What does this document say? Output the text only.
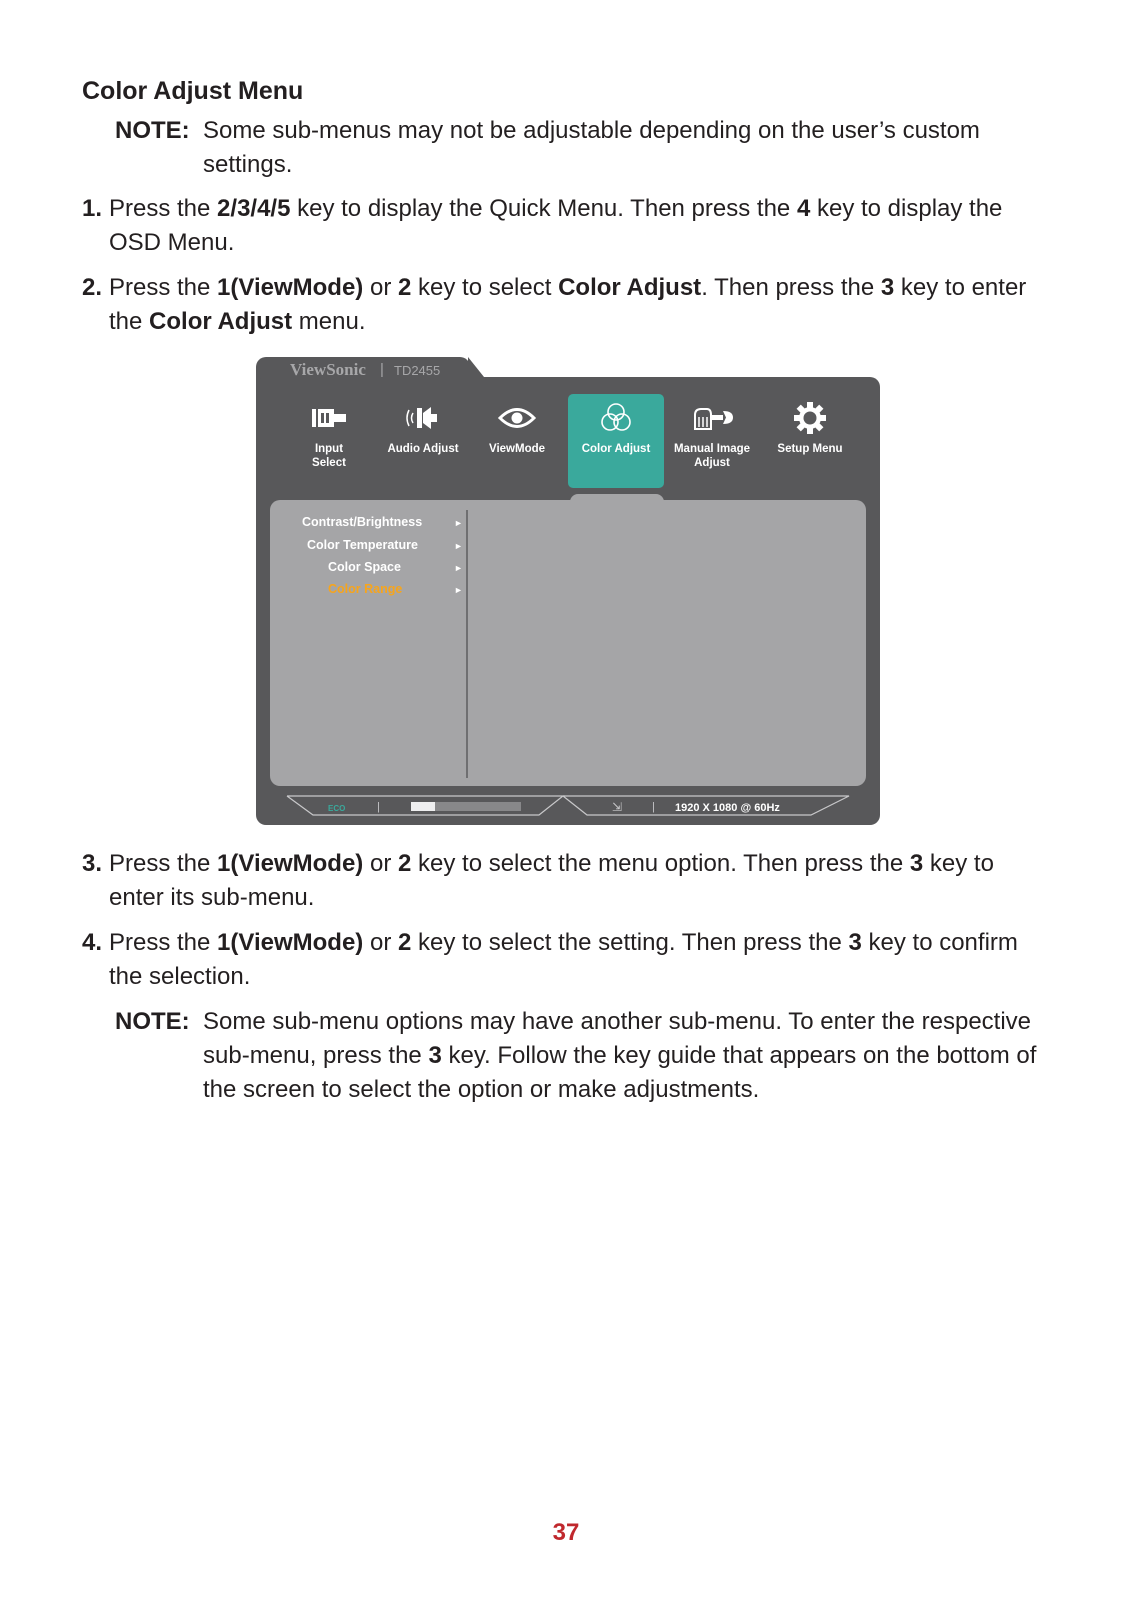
Color Adjust Menu
NOTE: Some sub-menus may not be adjustable depending on the user’s custom settings.
1. Press the 2/3/4/5 key to display the Quick Menu. Then press the 4 key to display the OSD Menu.
2. Press the 1(ViewMode) or 2 key to select Color Adjust. Then press the 3 key to enter the Color Adjust menu.
3. Press the 1(ViewMode) or 2 key to select the menu option. Then press the 3 key to enter its sub-menu.
4. Press the 1(ViewMode) or 2 key to select the setting. Then press the 3 key to confirm the selection.
NOTE: Some sub-menu options may have another sub-menu. To enter the respective sub-menu, press the 3 key. Follow the key guide that appears on the bottom of the screen to select the option or make adjustments.
ViewSonic | TD2455
Input
Select
Audio Adjust	ViewMode	Color Adjust	Manual Image
Adjust
Setup Menu
Contrast/Brightness	►
Color Temperature	►
Color Space	►
Color Range	►
ECO	|	⇲	| 1920 X 1080 @ 60Hz
37
